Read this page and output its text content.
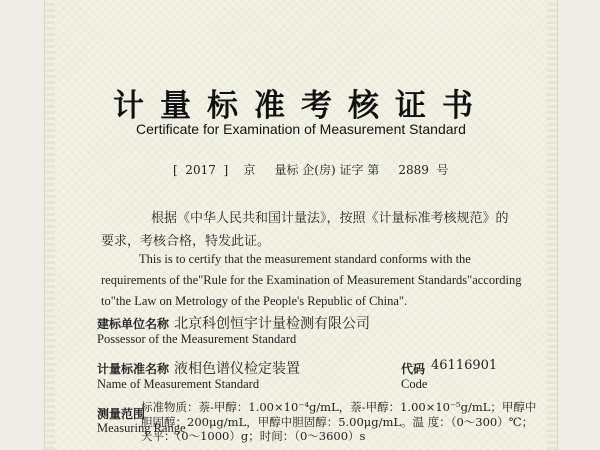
计量标准考核证书
Certificate for Examination of Measurement Standard
[  2017  ]    京     量标 企(房) 证字 第     2889  号
根据《中华人民共和国计量法》，按照《计量标准考核规范》的要求，考核合格，特发此证。
This is to certify that the measurement standard conforms with the requirements of the"Rule for the Examination of Measurement Standards"according to"the Law on Metrology of the People's Republic of China".
建标单位名称 北京科创恒宇计量检测有限公司
Possessor of the Measurement Standard
计量标准名称 液相色谱仪检定装置
Name of Measurement Standard
代码 46116901
Code
测量范围
Measuring Range
标准物质：萘-甲醇：1.00×10⁻⁴g/mL，萘-甲醇：1.00×10⁻⁵g/mL；甲醇中胆固醇：200μg/mL，甲醇中胆固醇：5.00μg/mL。温 度：（0～300）℃；天平：（0～1000）g；时间：（0～3600）s
